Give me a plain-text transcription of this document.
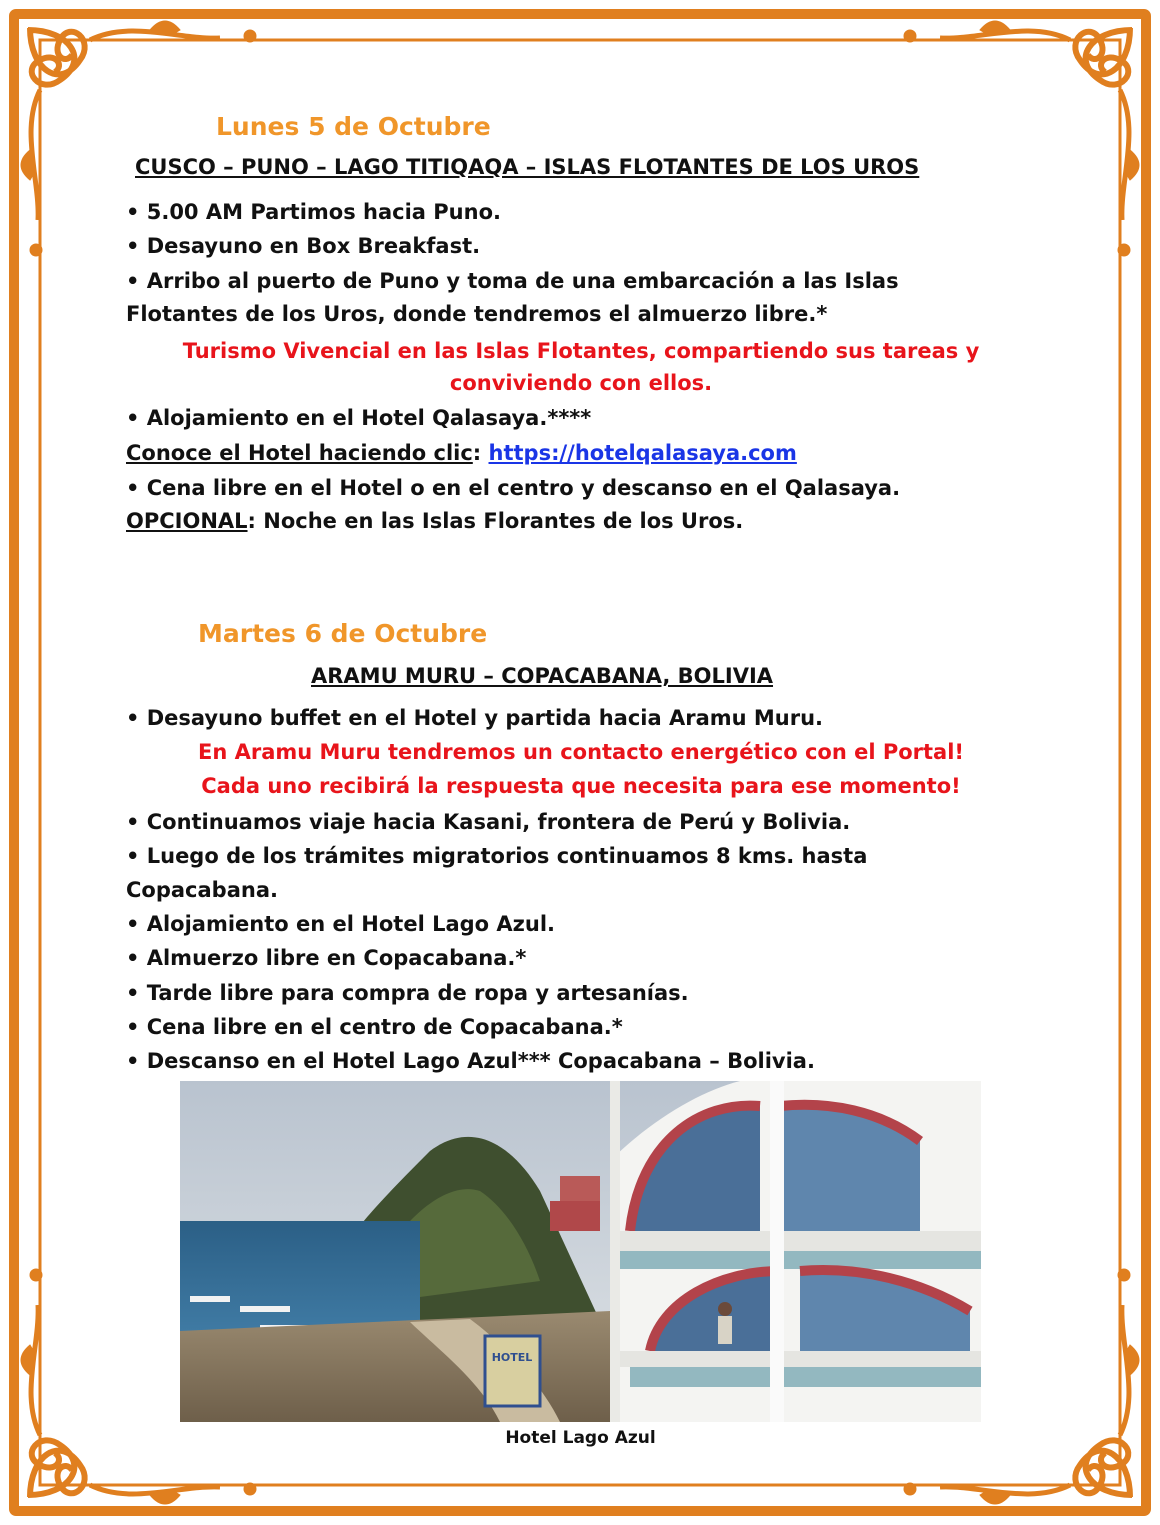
Lunes 5 de Octubre
CUSCO – PUNO – LAGO TITIQAQA – ISLAS FLOTANTES DE LOS UROS
• 5.00 AM Partimos hacia Puno.
• Desayuno en Box Breakfast.
• Arribo al puerto de Puno y toma de una embarcación a las Islas
Flotantes de los Uros, donde tendremos el almuerzo libre.*
Turismo Vivencial en las Islas Flotantes, compartiendo sus tareas y
conviviendo con ellos.
• Alojamiento en el Hotel Qalasaya.****
Conoce el Hotel haciendo clic: https://hotelqalasaya.com
• Cena libre en el Hotel o en el centro y descanso en el Qalasaya.
OPCIONAL: Noche en las Islas Florantes de los Uros.
Martes 6 de Octubre
ARAMU MURU – COPACABANA, BOLIVIA
• Desayuno buffet en el Hotel y partida hacia Aramu Muru.
En Aramu Muru tendremos un contacto energético con el Portal!
Cada uno recibirá la respuesta que necesita para ese momento!
• Continuamos viaje hacia Kasani, frontera de Perú y Bolivia.
• Luego de los trámites migratorios continuamos 8 kms. hasta
Copacabana.
• Alojamiento en el Hotel Lago Azul.
• Almuerzo libre en Copacabana.*
• Tarde libre para compra de ropa y artesanías.
• Cena libre en el centro de Copacabana.*
• Descanso en el Hotel Lago Azul*** Copacabana – Bolivia.
HOTEL
Hotel Lago Azul
